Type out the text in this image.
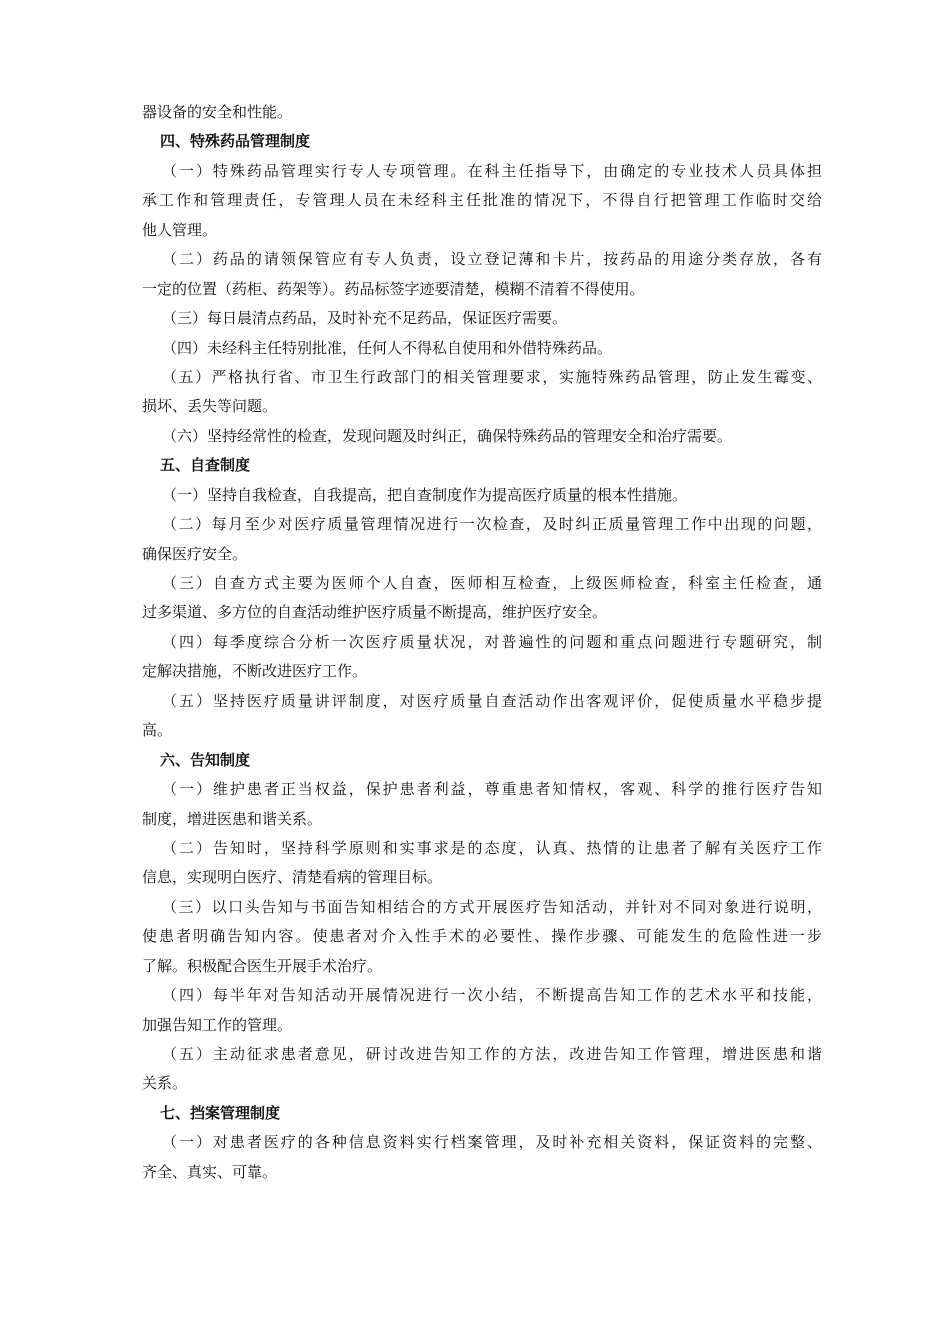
器设备的安全和性能。
四、特殊药品管理制度
（一）特殊药品管理实行专人专项管理。在科主任指导下，由确定的专业技术人员具体担
承工作和管理责任，专管理人员在未经科主任批准的情况下，不得自行把管理工作临时交给
他人管理。
（二）药品的请领保管应有专人负责，设立登记薄和卡片，按药品的用途分类存放，各有
一定的位置（药柜、药架等）。药品标签字迹要清楚，模糊不清着不得使用。
（三）每日晨清点药品，及时补充不足药品，保证医疗需要。
（四）未经科主任特别批准，任何人不得私自使用和外借特殊药品。
（五）严格执行省、市卫生行政部门的相关管理要求，实施特殊药品管理，防止发生霉变、
损坏、丢失等问题。
（六）坚持经常性的检查，发现问题及时纠正，确保特殊药品的管理安全和治疗需要。
五、自查制度
（一）坚持自我检查，自我提高，把自查制度作为提高医疗质量的根本性措施。
（二）每月至少对医疗质量管理情况进行一次检查，及时纠正质量管理工作中出现的问题，
确保医疗安全。
（三）自查方式主要为医师个人自查，医师相互检查，上级医师检查，科室主任检查，通
过多渠道、多方位的自查活动维护医疗质量不断提高，维护医疗安全。
（四）每季度综合分析一次医疗质量状况，对普遍性的问题和重点问题进行专题研究，制
定解决措施，不断改进医疗工作。
（五）坚持医疗质量讲评制度，对医疗质量自查活动作出客观评价，促使质量水平稳步提
高。
六、告知制度
（一）维护患者正当权益，保护患者利益，尊重患者知情权，客观、科学的推行医疗告知
制度，增进医患和谐关系。
（二）告知时，坚持科学原则和实事求是的态度，认真、热情的让患者了解有关医疗工作
信息，实现明白医疗、清楚看病的管理目标。
（三）以口头告知与书面告知相结合的方式开展医疗告知活动，并针对不同对象进行说明，
使患者明确告知内容。使患者对介入性手术的必要性、操作步骤、可能发生的危险性进一步
了解。积极配合医生开展手术治疗。
（四）每半年对告知活动开展情况进行一次小结，不断提高告知工作的艺术水平和技能，
加强告知工作的管理。
（五）主动征求患者意见，研讨改进告知工作的方法，改进告知工作管理，增进医患和谐
关系。
七、挡案管理制度
（一）对患者医疗的各种信息资料实行档案管理，及时补充相关资料，保证资料的完整、
齐全、真实、可靠。
